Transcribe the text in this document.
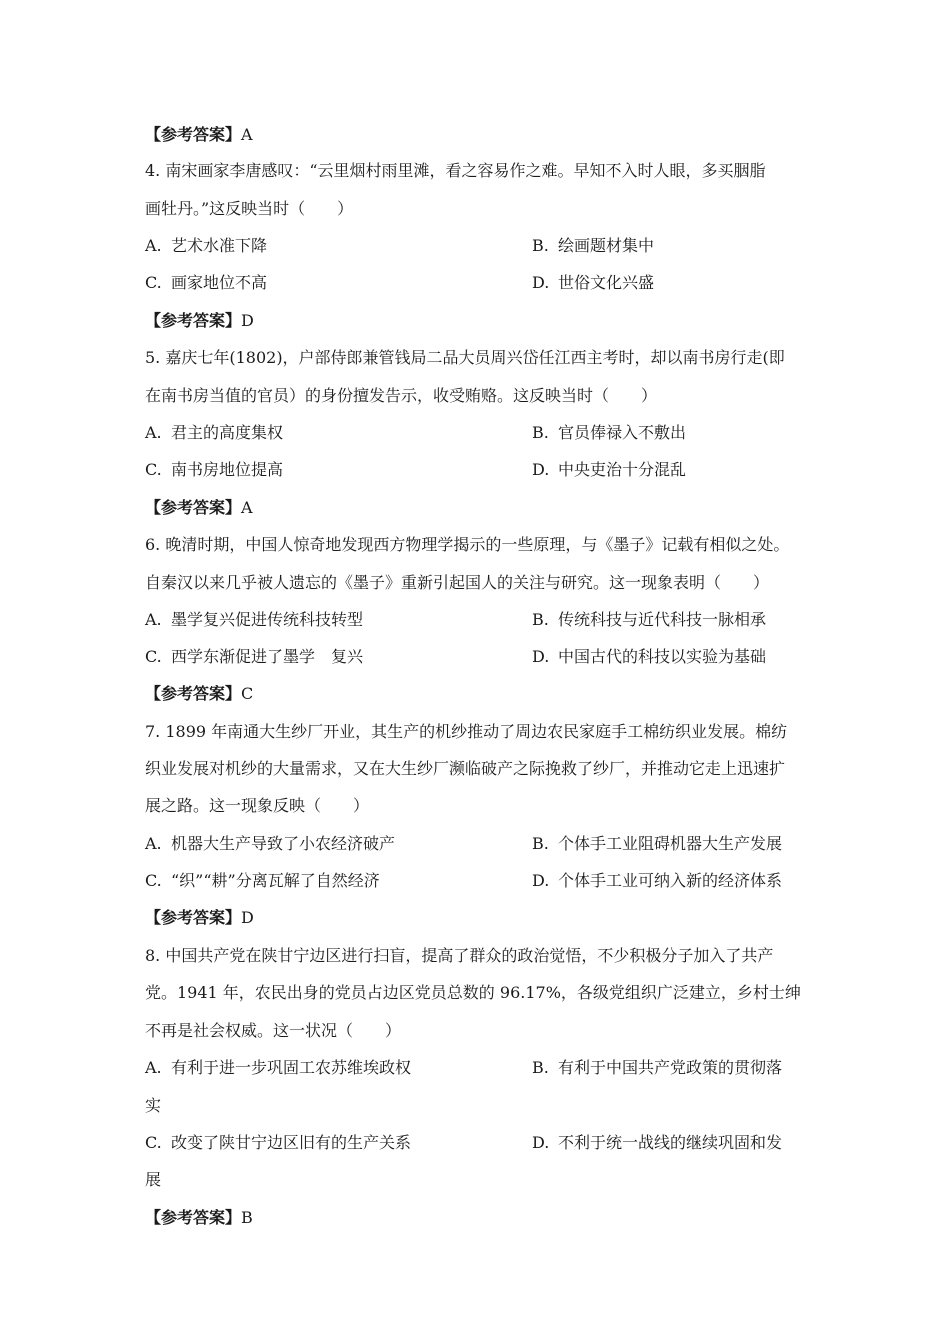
【参考答案】A
4. 南宋画家李唐感叹：“云里烟村雨里滩，看之容易作之难。早知不入时人眼，多买胭脂
画牡丹。”这反映当时（　　）
A. 艺术水准下降	B. 绘画题材集中
C. 画家地位不高	D. 世俗文化兴盛
【参考答案】D
5. 嘉庆七年(1802)，户部侍郎兼管钱局二品大员周兴岱任江西主考时，却以南书房行走(即
在南书房当值的官员）的身份擅发告示，收受贿赂。这反映当时（　　）
A. 君主的高度集权	B. 官员俸禄入不敷出
C. 南书房地位提高	D. 中央吏治十分混乱
【参考答案】A
6. 晚清时期，中国人惊奇地发现西方物理学揭示的一些原理，与《墨子》记载有相似之处。
自秦汉以来几乎被人遗忘的《墨子》重新引起国人的关注与研究。这一现象表明（　　）
A. 墨学复兴促进传统科技转型	B. 传统科技与近代科技一脉相承
C. 西学东渐促进了墨学　复兴	D. 中国古代的科技以实验为基础
【参考答案】C
7. 1899 年南通大生纱厂开业，其生产的机纱推动了周边农民家庭手工棉纺织业发展。棉纺
织业发展对机纱的大量需求，又在大生纱厂濒临破产之际挽救了纱厂，并推动它走上迅速扩
展之路。这一现象反映（　　）
A. 机器大生产导致了小农经济破产	B. 个体手工业阻碍机器大生产发展
C. “织”“耕”分离瓦解了自然经济	D. 个体手工业可纳入新的经济体系
【参考答案】D
8. 中国共产党在陕甘宁边区进行扫盲，提高了群众的政治觉悟，不少积极分子加入了共产
党。1941 年，农民出身的党员占边区党员总数的 96.17%，各级党组织广泛建立，乡村士绅
不再是社会权威。这一状况（　　）
A. 有利于进一步巩固工农苏维埃政权	B. 有利于中国共产党政策的贯彻落
实
C. 改变了陕甘宁边区旧有的生产关系	D. 不利于统一战线的继续巩固和发
展
【参考答案】B
